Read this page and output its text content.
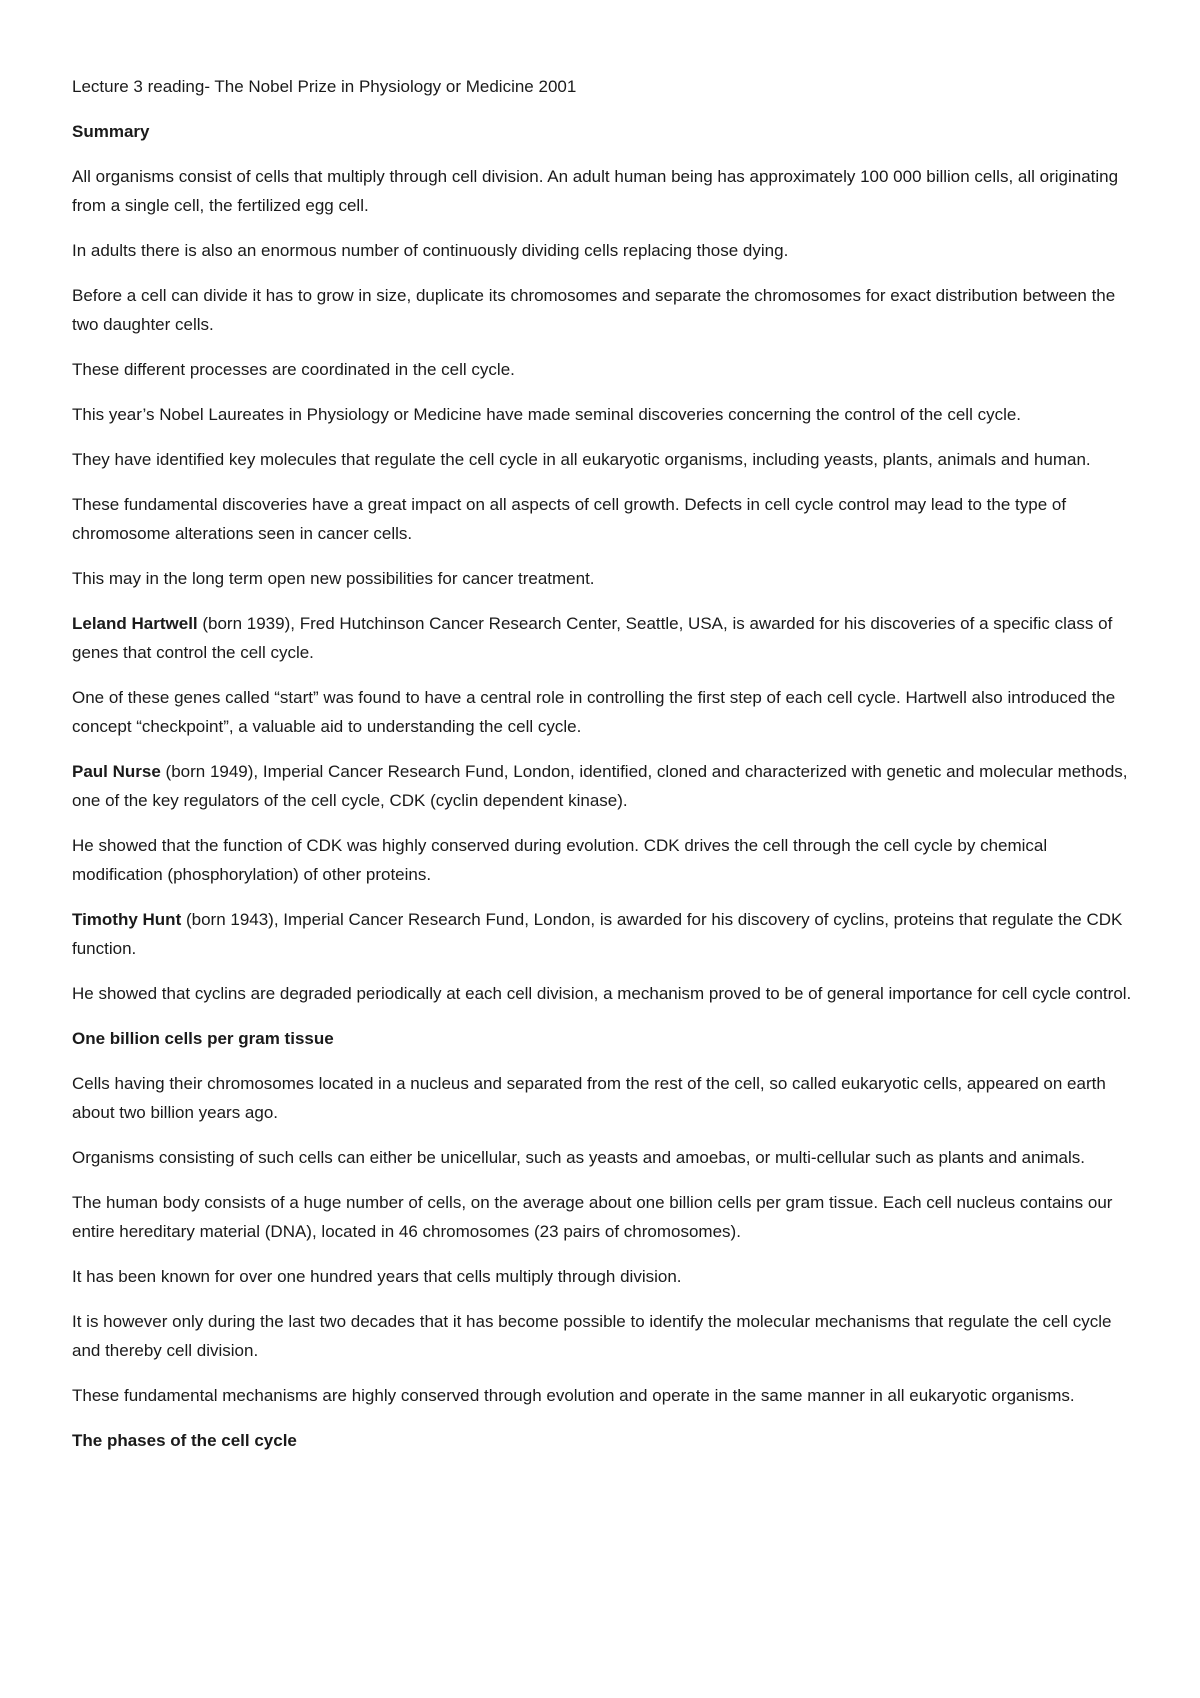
Lecture 3 reading- The Nobel Prize in Physiology or Medicine 2001

Summary

All organisms consist of cells that multiply through cell division. An adult human being has approximately 100 000 billion cells, all originating from a single cell, the fertilized egg cell.

In adults there is also an enormous number of continuously dividing cells replacing those dying.

Before a cell can divide it has to grow in size, duplicate its chromosomes and separate the chromosomes for exact distribution between the two daughter cells.

These different processes are coordinated in the cell cycle.

This year’s Nobel Laureates in Physiology or Medicine have made seminal discoveries concerning the control of the cell cycle.

They have identified key molecules that regulate the cell cycle in all eukaryotic organisms, including yeasts, plants, animals and human.

These fundamental discoveries have a great impact on all aspects of cell growth. Defects in cell cycle control may lead to the type of chromosome alterations seen in cancer cells.

This may in the long term open new possibilities for cancer treatment.

Leland Hartwell (born 1939), Fred Hutchinson Cancer Research Center, Seattle, USA, is awarded for his discoveries of a specific class of genes that control the cell cycle.

One of these genes called “start” was found to have a central role in controlling the first step of each cell cycle. Hartwell also introduced the concept “checkpoint”, a valuable aid to understanding the cell cycle.

Paul Nurse (born 1949), Imperial Cancer Research Fund, London, identified, cloned and characterized with genetic and molecular methods, one of the key regulators of the cell cycle, CDK (cyclin dependent kinase).

He showed that the function of CDK was highly conserved during evolution. CDK drives the cell through the cell cycle by chemical modification (phosphorylation) of other proteins.

Timothy Hunt (born 1943), Imperial Cancer Research Fund, London, is awarded for his discovery of cyclins, proteins that regulate the CDK function.

He showed that cyclins are degraded periodically at each cell division, a mechanism proved to be of general importance for cell cycle control.

One billion cells per gram tissue

Cells having their chromosomes located in a nucleus and separated from the rest of the cell, so called eukaryotic cells, appeared on earth about two billion years ago.

Organisms consisting of such cells can either be unicellular, such as yeasts and amoebas, or multi-cellular such as plants and animals.

The human body consists of a huge number of cells, on the average about one billion cells per gram tissue. Each cell nucleus contains our entire hereditary material (DNA), located in 46 chromosomes (23 pairs of chromosomes).

It has been known for over one hundred years that cells multiply through division.

It is however only during the last two decades that it has become possible to identify the molecular mechanisms that regulate the cell cycle and thereby cell division.

These fundamental mechanisms are highly conserved through evolution and operate in the same manner in all eukaryotic organisms.

The phases of the cell cycle
